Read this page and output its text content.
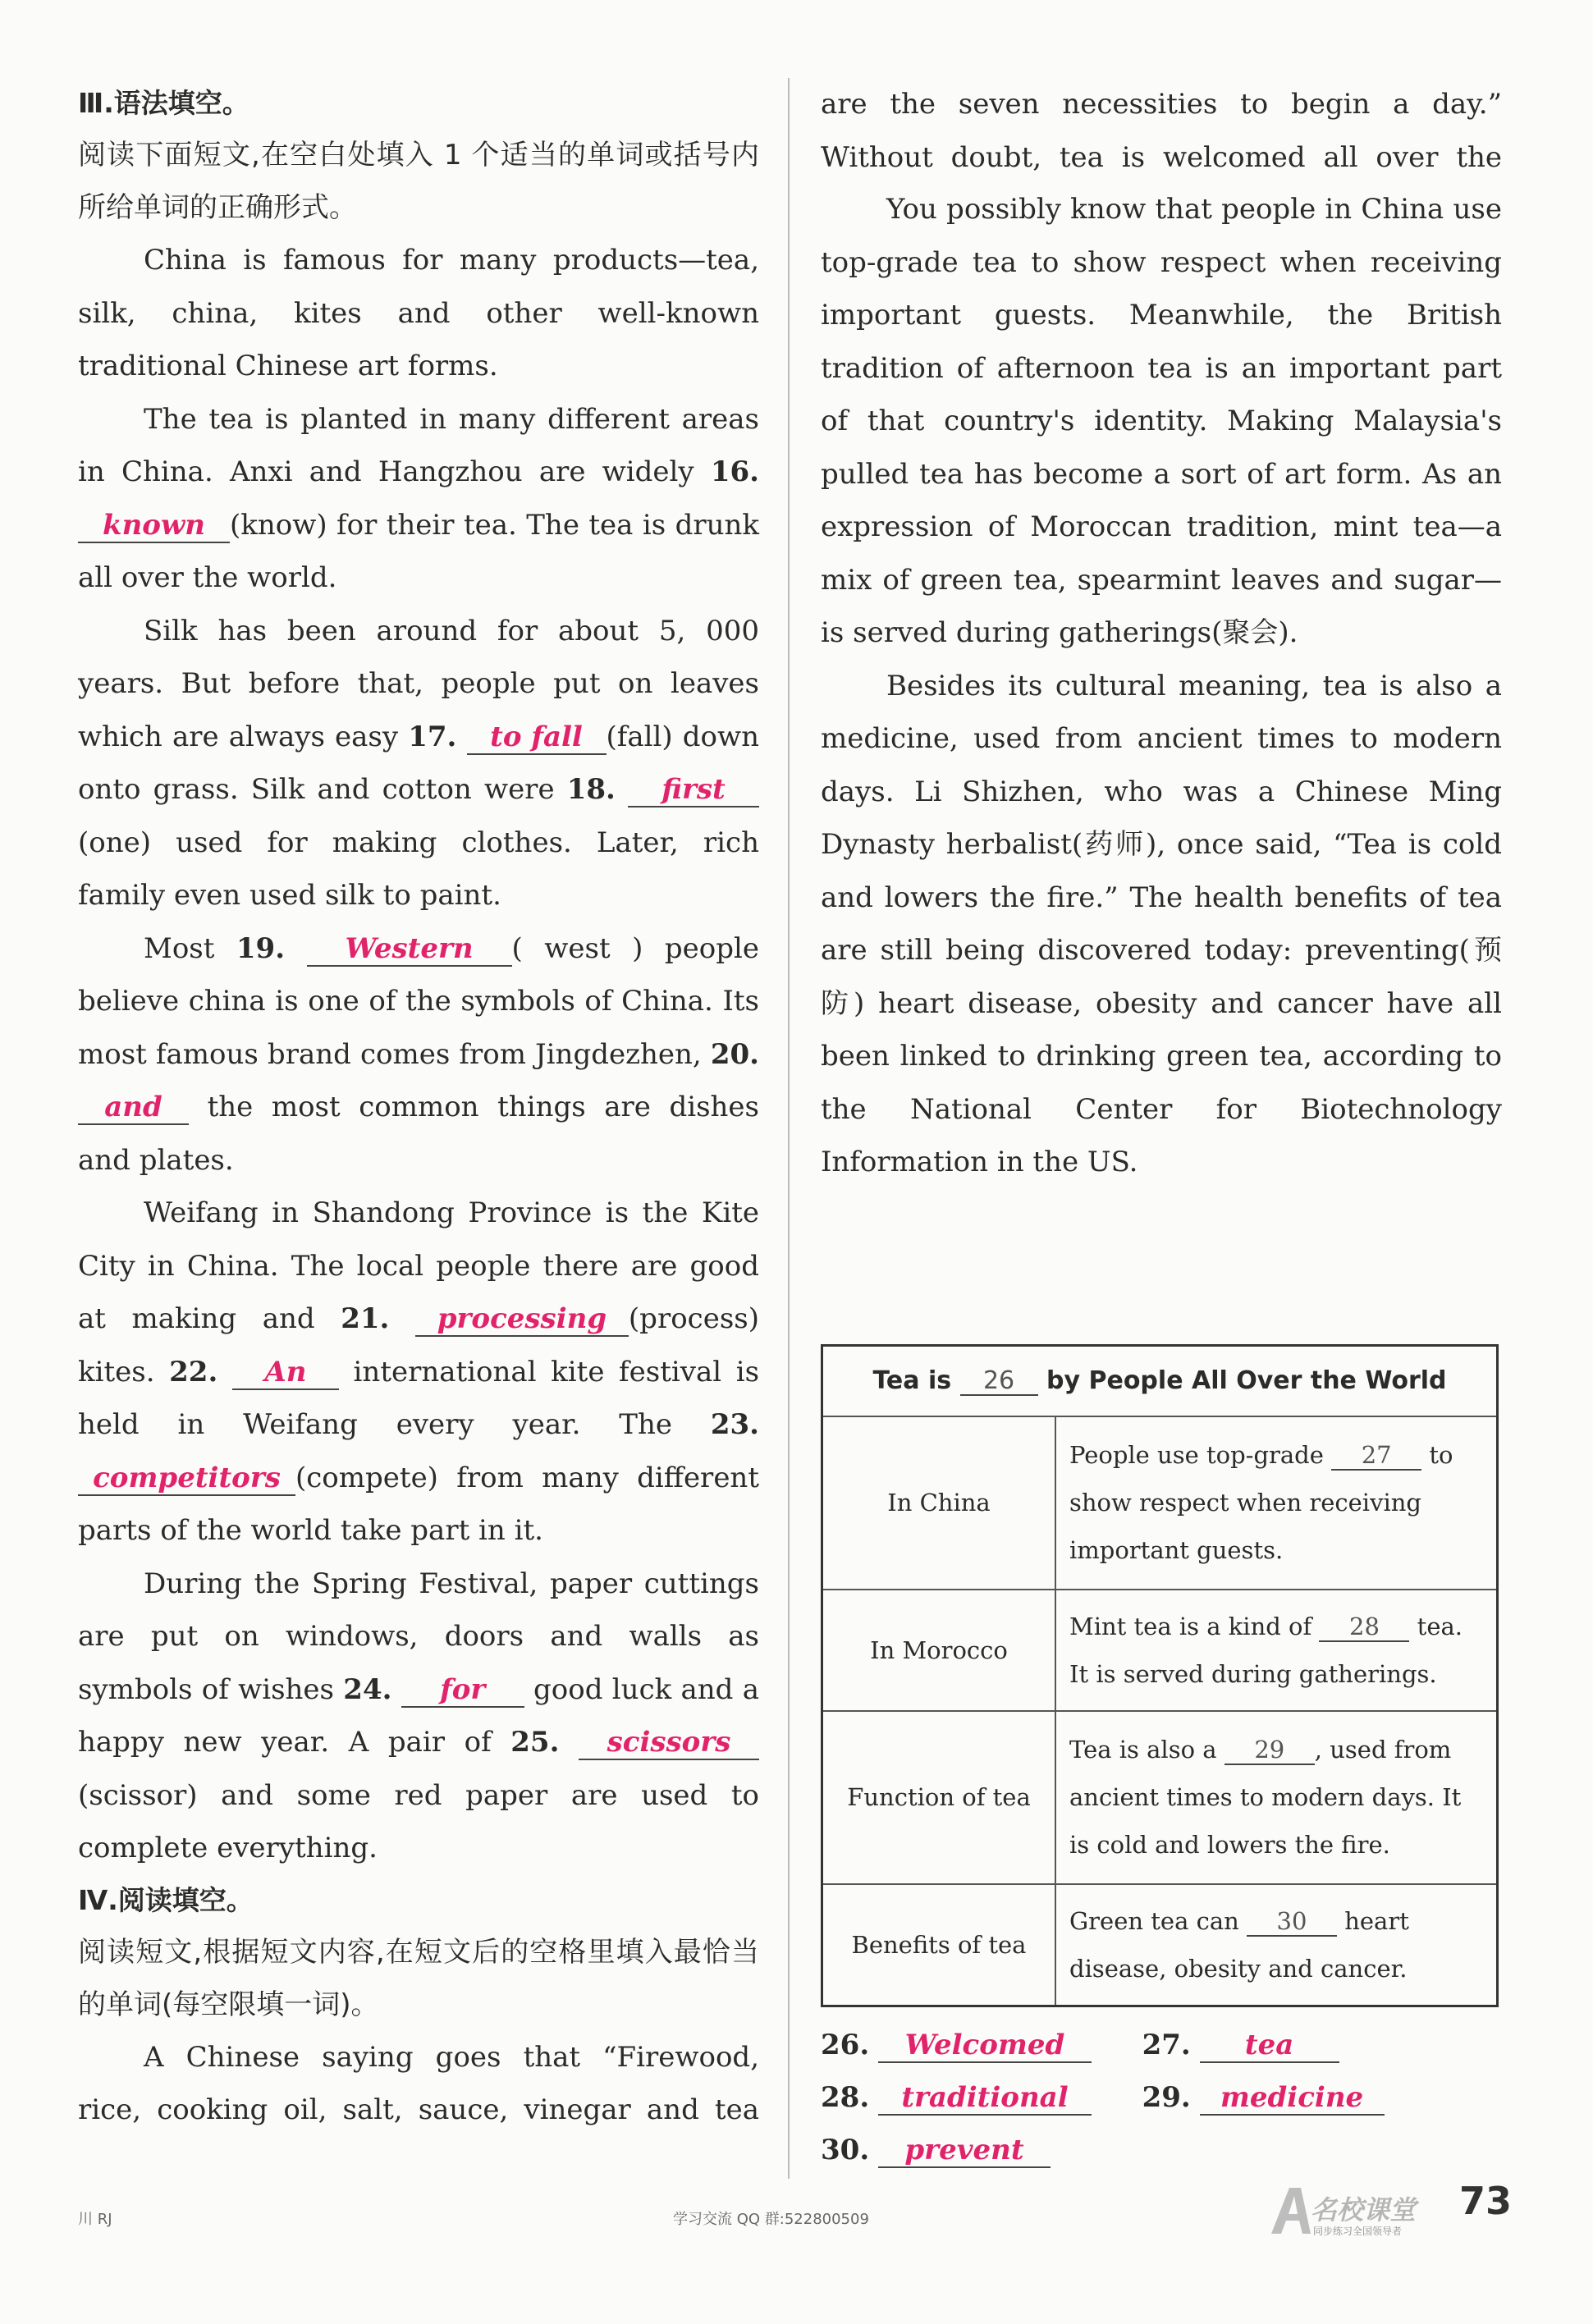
Ⅲ.语法填空。
阅读下面短文,在空白处填入 1 个适当的单词或括号内所给单词的正确形式。

China is famous for many products—tea, silk, china, kites and other well-known traditional Chinese art forms.

The tea is planted in many different areas in China. Anxi and Hangzhou are widely 16. known (know) for their tea. The tea is drunk all over the world.

Silk has been around for about 5, 000 years. But before that, people put on leaves which are always easy 17. to fall (fall) down onto grass. Silk and cotton were 18. first(one) used for making clothes. Later, rich family even used silk to paint.

Most 19. Western ( west ) people believe china is one of the symbols of China. Its most famous brand comes from Jingdezhen, 20. and the most common things are dishes and plates.

Weifang in Shandong Province is the Kite City in China. The local people there are good at making and 21. processing (process) kites. 22. An international kite festival is held in Weifang every year. The 23. competitors (compete) from many different parts of the world take part in it.

During the Spring Festival, paper cuttings are put on windows, doors and walls as symbols of wishes 24. for good luck and a happy new year. A pair of 25. scissors(scissor) and some red paper are used to complete everything.

Ⅳ.阅读填空。
阅读短文,根据短文内容,在短文后的空格里填入最恰当的单词(每空限填一词)。

A Chinese saying goes that “Firewood, rice, cooking oil, salt, sauce, vinegar and tea

are the seven necessities to begin a day.” Without doubt, tea is welcomed all over the

You possibly know that people in China use top-grade tea to show respect when receiving important guests. Meanwhile, the British tradition of afternoon tea is an important part of that country's identity. Making Malaysia's pulled tea has become a sort of art form. As an expression of Moroccan tradition, mint tea—a mix of green tea, spearmint leaves and sugar—is served during gatherings(聚会).

Besides its cultural meaning, tea is also a medicine, used from ancient times to modern days. Li Shizhen, who was a Chinese Ming Dynasty herbalist(药师), once said, “Tea is cold and lowers the fire.” The health benefits of tea are still being discovered today: preventing(预防) heart disease, obesity and cancer have all been linked to drinking green tea, according to the National Center for Biotechnology Information in the US.

Tea is 26 by People All Over the World	
In China	People use top-grade 27 to show respect when receiving important guests.
In Morocco	Mint tea is a kind of 28 tea. It is served during gatherings.
Function of tea	Tea is also a 29 , used from ancient times to modern days. It is cold and lowers the fire.
Benefits of tea	Green tea can 30 heart disease, obesity and cancer.
26. Welcomed	27. tea
28. traditional	29. medicine
30. prevent
川 RJ	学习交流 QQ 群:522800509	名校课堂
同步练习全国领导者
73
